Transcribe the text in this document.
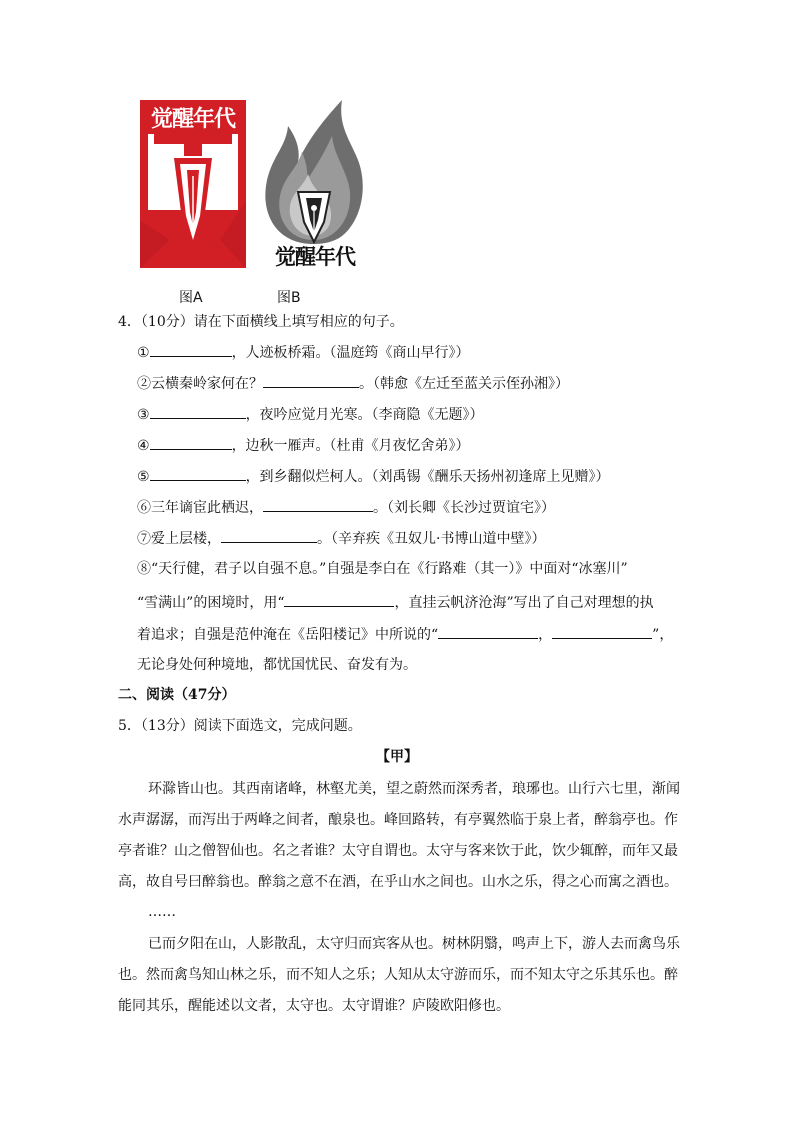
觉醒年代
觉醒年代
图A	图B
4．（10分）请在下面横线上填写相应的句子。
①	，人迹板桥霜。（温庭筠《商山早行》）
②云横秦岭家何在？	。（韩愈《左迁至蓝关示侄孙湘》）
③	，夜吟应觉月光寒。（李商隐《无题》）
④	，边秋一雁声。（杜甫《月夜忆舍弟》）
⑤	，到乡翻似烂柯人。（刘禹锡《酬乐天扬州初逢席上见赠》）
⑥三年谪宦此栖迟，	。（刘长卿《长沙过贾谊宅》）
⑦爱上层楼，	。（辛弃疾《丑奴儿·书博山道中壁》）
⑧“天行健，君子以自强不息。”自强是李白在《行路难（其一）》中面对“冰塞川”
“雪满山”的困境时，用“	，直挂云帆济沧海”写出了自己对理想的执
着追求；自强是范仲淹在《岳阳楼记》中所说的“	，	”，
无论身处何种境地，都忧国忧民、奋发有为。
二、阅读（47分）
5．（13分）阅读下面选文，完成问题。
【甲】
环滁皆山也。其西南诸峰，林壑尤美，望之蔚然而深秀者，琅琊也。山行六七里，渐闻
水声潺潺，而泻出于两峰之间者，酿泉也。峰回路转，有亭翼然临于泉上者，醉翁亭也。作
亭者谁？山之僧智仙也。名之者谁？太守自谓也。太守与客来饮于此，饮少辄醉，而年又最
高，故自号曰醉翁也。醉翁之意不在酒，在乎山水之间也。山水之乐，得之心而寓之酒也。
……
已而夕阳在山，人影散乱，太守归而宾客从也。树林阴翳，鸣声上下，游人去而禽鸟乐
也。然而禽鸟知山林之乐，而不知人之乐；人知从太守游而乐，而不知太守之乐其乐也。醉
能同其乐，醒能述以文者，太守也。太守谓谁？庐陵欧阳修也。
